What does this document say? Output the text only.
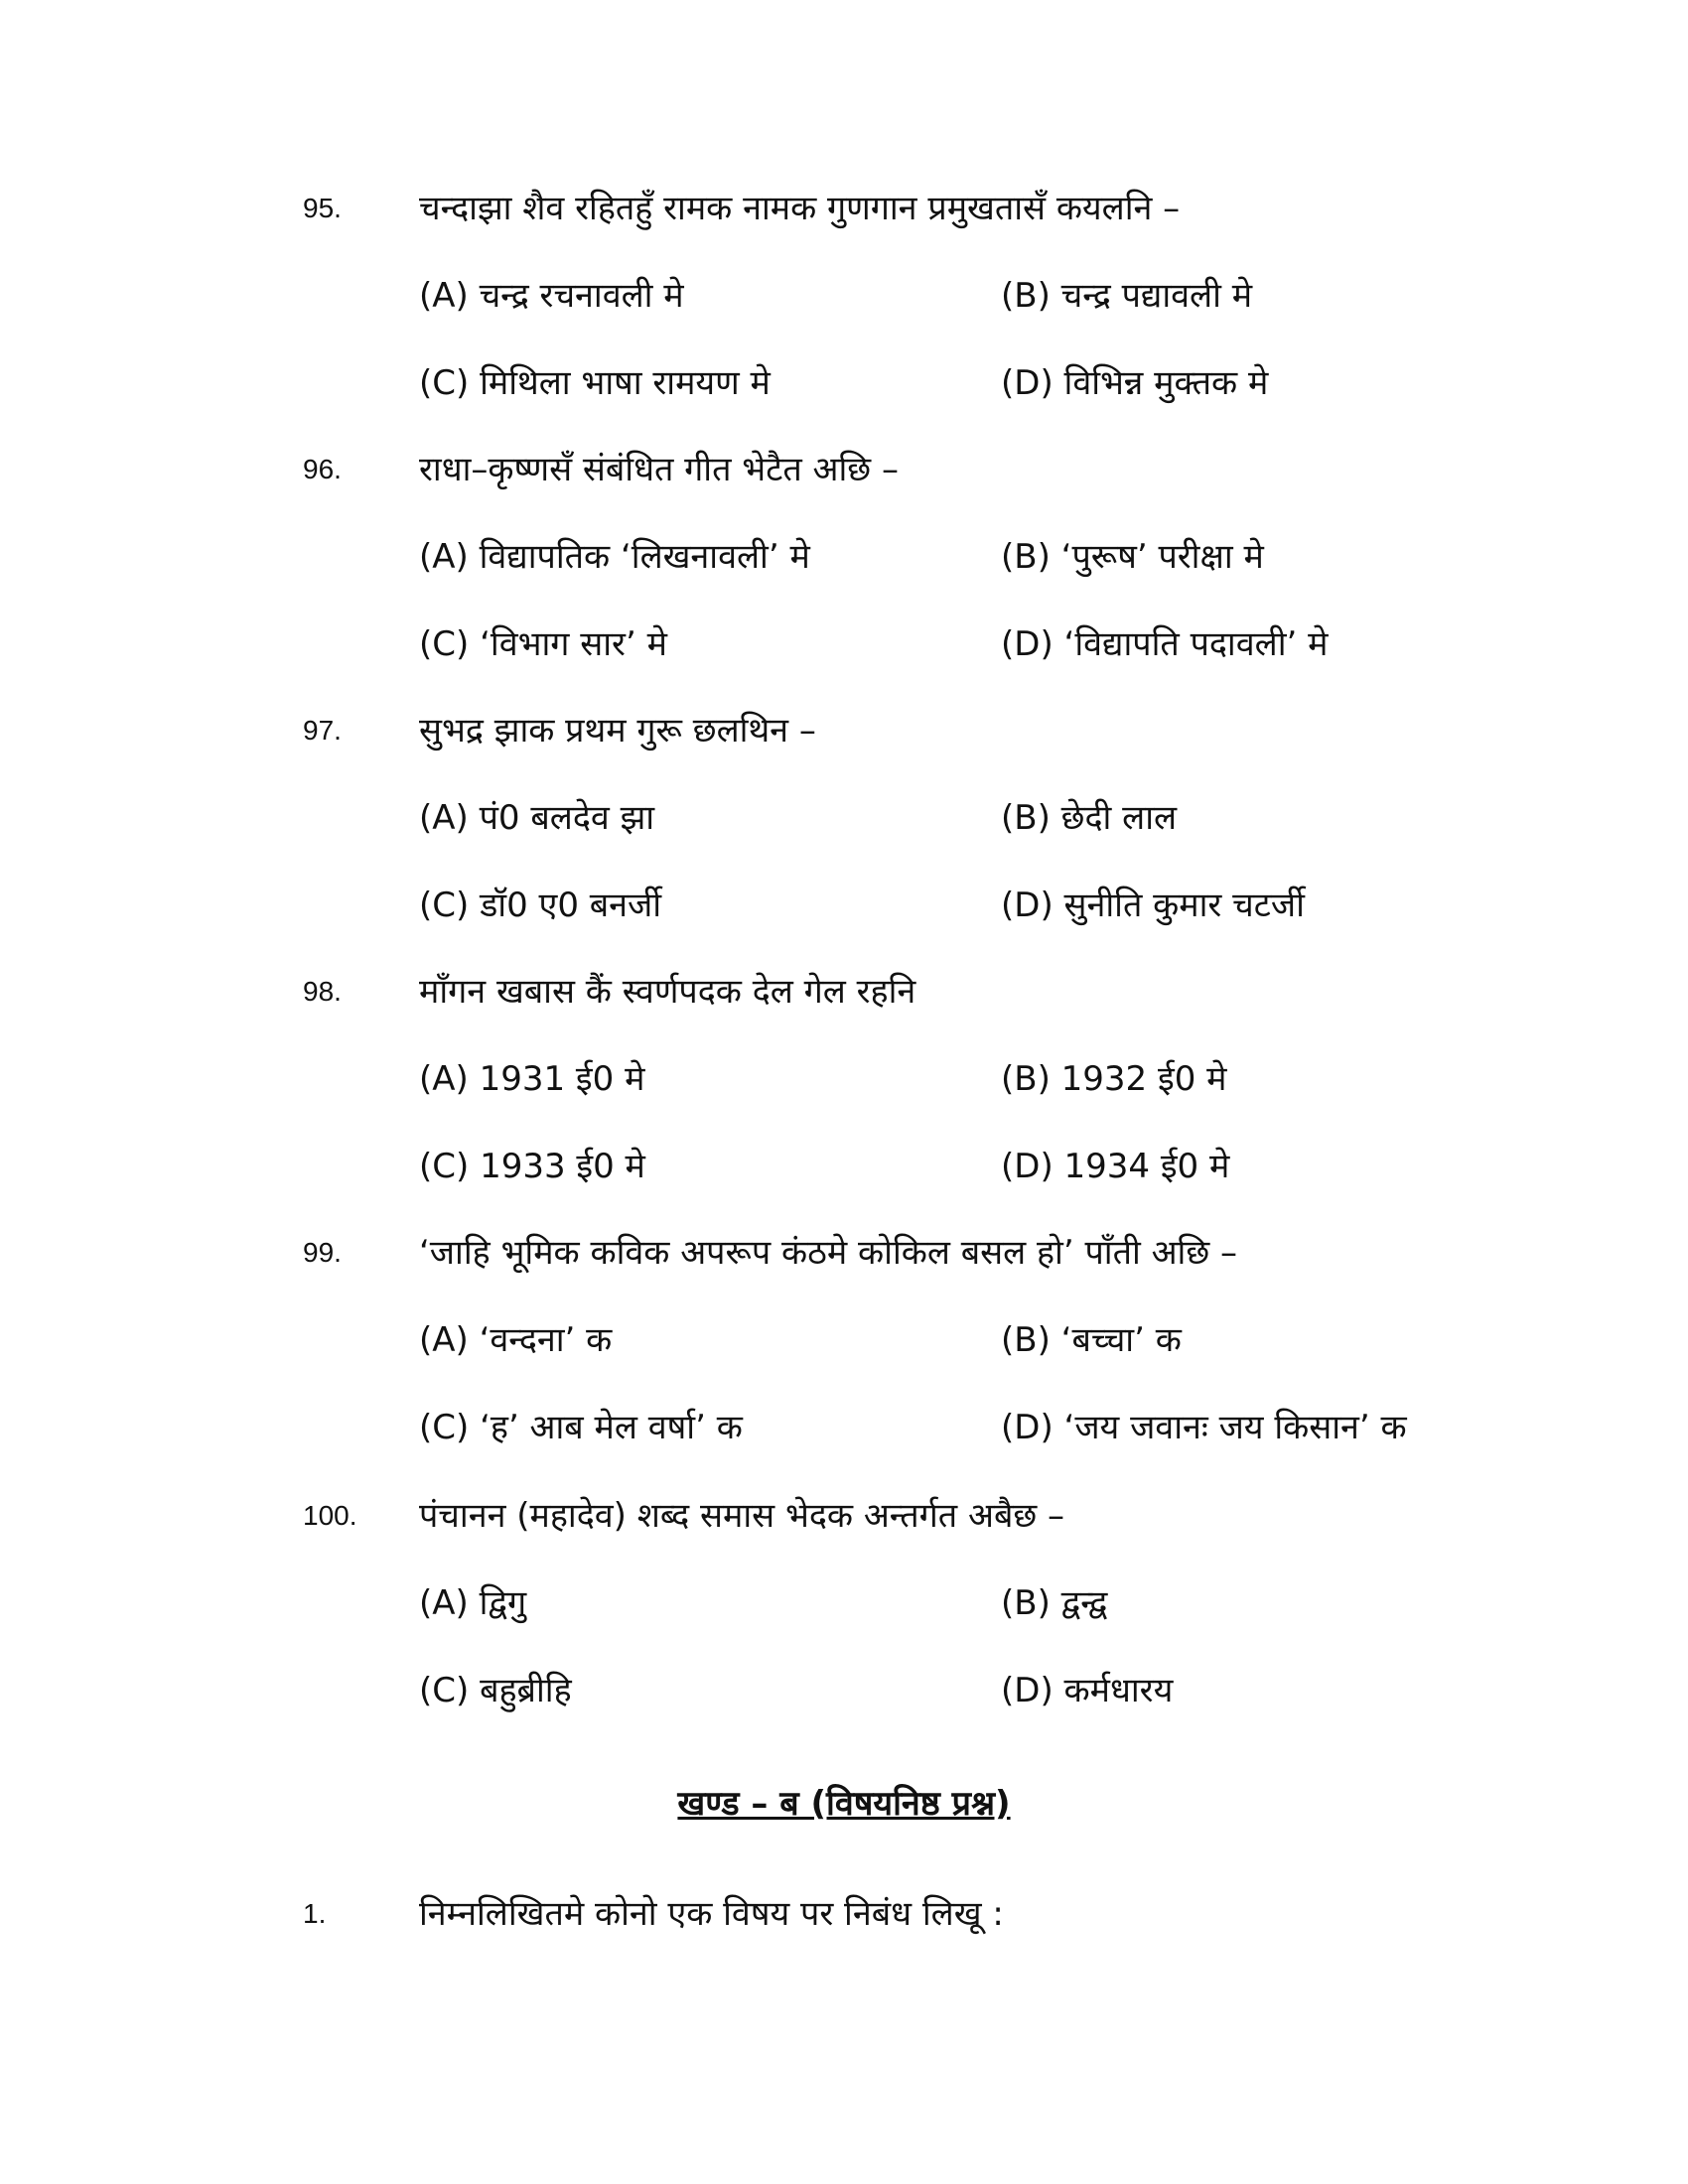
95. चन्दाझा शैव रहितहुँ रामक नामक गुणगान प्रमुखतासँ कयलनि –
(A) चन्द्र रचनावली मे	(B) चन्द्र पद्यावली मे
(C) मिथिला भाषा रामयण मे	(D) विभिन्न मुक्तक मे
96. राधा–कृष्णसँ संबंधित गीत भेटैत अछि –
(A) विद्यापतिक ‘लिखनावली’ मे	(B) ‘पुरूष’ परीक्षा मे
(C) ‘विभाग सार’ मे	(D) ‘विद्यापति पदावली’ मे
97. सुभद्र झाक प्रथम गुरू छलथिन –
(A) पं0 बलदेव झा	(B) छेदी लाल
(C) डॉ0 ए0 बनर्जी	(D) सुनीति कुमार चटर्जी
98. माँगन खबास कैं स्वर्णपदक देल गेल रहनि
(A) 1931 ई0 मे	(B) 1932 ई0 मे
(C) 1933 ई0 मे	(D) 1934 ई0 मे
99. ‘जाहि भूमिक कविक अपरूप कंठमे कोकिल बसल हो’ पाँती अछि –
(A) ‘वन्दना’ क	(B) ‘बच्चा’ क
(C) ‘ह’ आब मेल वर्षा’ क	(D) ‘जय जवानः जय किसान’ क
100. पंचानन (महादेव) शब्द समास भेदक अन्तर्गत अबैछ –
(A) द्विगु	(B) द्वन्द्व
(C) बहुब्रीहि	(D) कर्मधारय
खण्ड – ब (विषयनिष्ठ प्रश्न)
1.	निम्नलिखितमे कोनो एक विषय पर निबंध लिखू :
